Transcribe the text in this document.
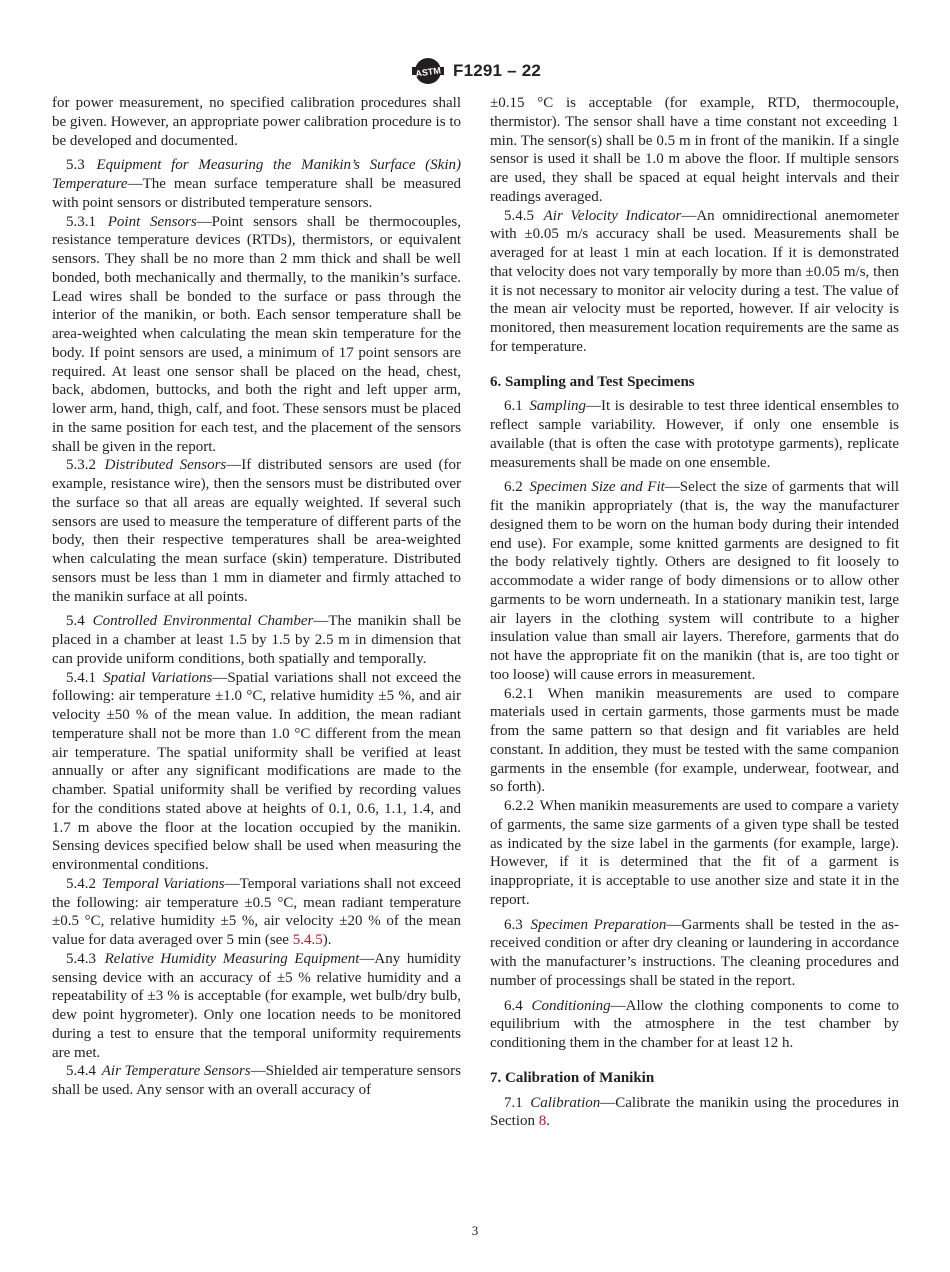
ASTM F1291 – 22

for power measurement, no specified calibration procedures shall be given. However, an appropriate power calibration procedure is to be developed and documented.

5.3 Equipment for Measuring the Manikin’s Surface (Skin) Temperature—The mean surface temperature shall be measured with point sensors or distributed temperature sensors.

5.3.1 Point Sensors—Point sensors shall be thermocouples, resistance temperature devices (RTDs), thermistors, or equivalent sensors. They shall be no more than 2 mm thick and shall be well bonded, both mechanically and thermally, to the manikin’s surface. Lead wires shall be bonded to the surface or pass through the interior of the manikin, or both. Each sensor temperature shall be area-weighted when calculating the mean skin temperature for the body. If point sensors are used, a minimum of 17 point sensors are required. At least one sensor shall be placed on the head, chest, back, abdomen, buttocks, and both the right and left upper arm, lower arm, hand, thigh, calf, and foot. These sensors must be placed in the same position for each test, and the placement of the sensors shall be given in the report.

5.3.2 Distributed Sensors—If distributed sensors are used (for example, resistance wire), then the sensors must be distributed over the surface so that all areas are equally weighted. If several such sensors are used to measure the temperature of different parts of the body, then their respective temperatures shall be area-weighted when calculating the mean surface (skin) temperature. Distributed sensors must be less than 1 mm in diameter and firmly attached to the manikin surface at all points.

5.4 Controlled Environmental Chamber—The manikin shall be placed in a chamber at least 1.5 by 1.5 by 2.5 m in dimension that can provide uniform conditions, both spatially and temporally.

5.4.1 Spatial Variations—Spatial variations shall not exceed the following: air temperature ±1.0 °C, relative humidity ±5 %, and air velocity ±50 % of the mean value. In addition, the mean radiant temperature shall not be more than 1.0 °C different from the mean air temperature. The spatial uniformity shall be verified at least annually or after any significant modifications are made to the chamber. Spatial uniformity shall be verified by recording values for the conditions stated above at heights of 0.1, 0.6, 1.1, 1.4, and 1.7 m above the floor at the location occupied by the manikin. Sensing devices specified below shall be used when measuring the environmental conditions.

5.4.2 Temporal Variations—Temporal variations shall not exceed the following: air temperature ±0.5 °C, mean radiant temperature ±0.5 °C, relative humidity ±5 %, air velocity ±20 % of the mean value for data averaged over 5 min (see 5.4.5).

5.4.3 Relative Humidity Measuring Equipment—Any humidity sensing device with an accuracy of ±5 % relative humidity and a repeatability of ±3 % is acceptable (for example, wet bulb/dry bulb, dew point hygrometer). Only one location needs to be monitored during a test to ensure that the temporal uniformity requirements are met.

5.4.4 Air Temperature Sensors—Shielded air temperature sensors shall be used. Any sensor with an overall accuracy of

±0.15 °C is acceptable (for example, RTD, thermocouple, thermistor). The sensor shall have a time constant not exceeding 1 min. The sensor(s) shall be 0.5 m in front of the manikin. If a single sensor is used it shall be 1.0 m above the floor. If multiple sensors are used, they shall be spaced at equal height intervals and their readings averaged.

5.4.5 Air Velocity Indicator—An omnidirectional anemometer with ±0.05 m/s accuracy shall be used. Measurements shall be averaged for at least 1 min at each location. If it is demonstrated that velocity does not vary temporally by more than ±0.05 m/s, then it is not necessary to monitor air velocity during a test. The value of the mean air velocity must be reported, however. If air velocity is monitored, then measurement location requirements are the same as for temperature.

6. Sampling and Test Specimens

6.1 Sampling—It is desirable to test three identical ensembles to reflect sample variability. However, if only one ensemble is available (that is often the case with prototype garments), replicate measurements shall be made on one ensemble.

6.2 Specimen Size and Fit—Select the size of garments that will fit the manikin appropriately (that is, the way the manufacturer designed them to be worn on the human body during their intended end use). For example, some knitted garments are designed to fit the body relatively tightly. Others are designed to fit loosely to accommodate a wider range of body dimensions or to allow other garments to be worn underneath. In a stationary manikin test, large air layers in the clothing system will contribute to a higher insulation value than small air layers. Therefore, garments that do not have the appropriate fit on the manikin (that is, are too tight or too loose) will cause errors in measurement.

6.2.1 When manikin measurements are used to compare materials used in certain garments, those garments must be made from the same pattern so that design and fit variables are held constant. In addition, they must be tested with the same companion garments in the ensemble (for example, underwear, footwear, and so forth).

6.2.2 When manikin measurements are used to compare a variety of garments, the same size garments of a given type shall be tested as indicated by the size label in the garments (for example, large). However, if it is determined that the fit of a garment is inappropriate, it is acceptable to use another size and state it in the report.

6.3 Specimen Preparation—Garments shall be tested in the as-received condition or after dry cleaning or laundering in accordance with the manufacturer’s instructions. The cleaning procedures and number of processings shall be stated in the report.

6.4 Conditioning—Allow the clothing components to come to equilibrium with the atmosphere in the test chamber by conditioning them in the chamber for at least 12 h.

7. Calibration of Manikin

7.1 Calibration—Calibrate the manikin using the procedures in Section 8.

3
